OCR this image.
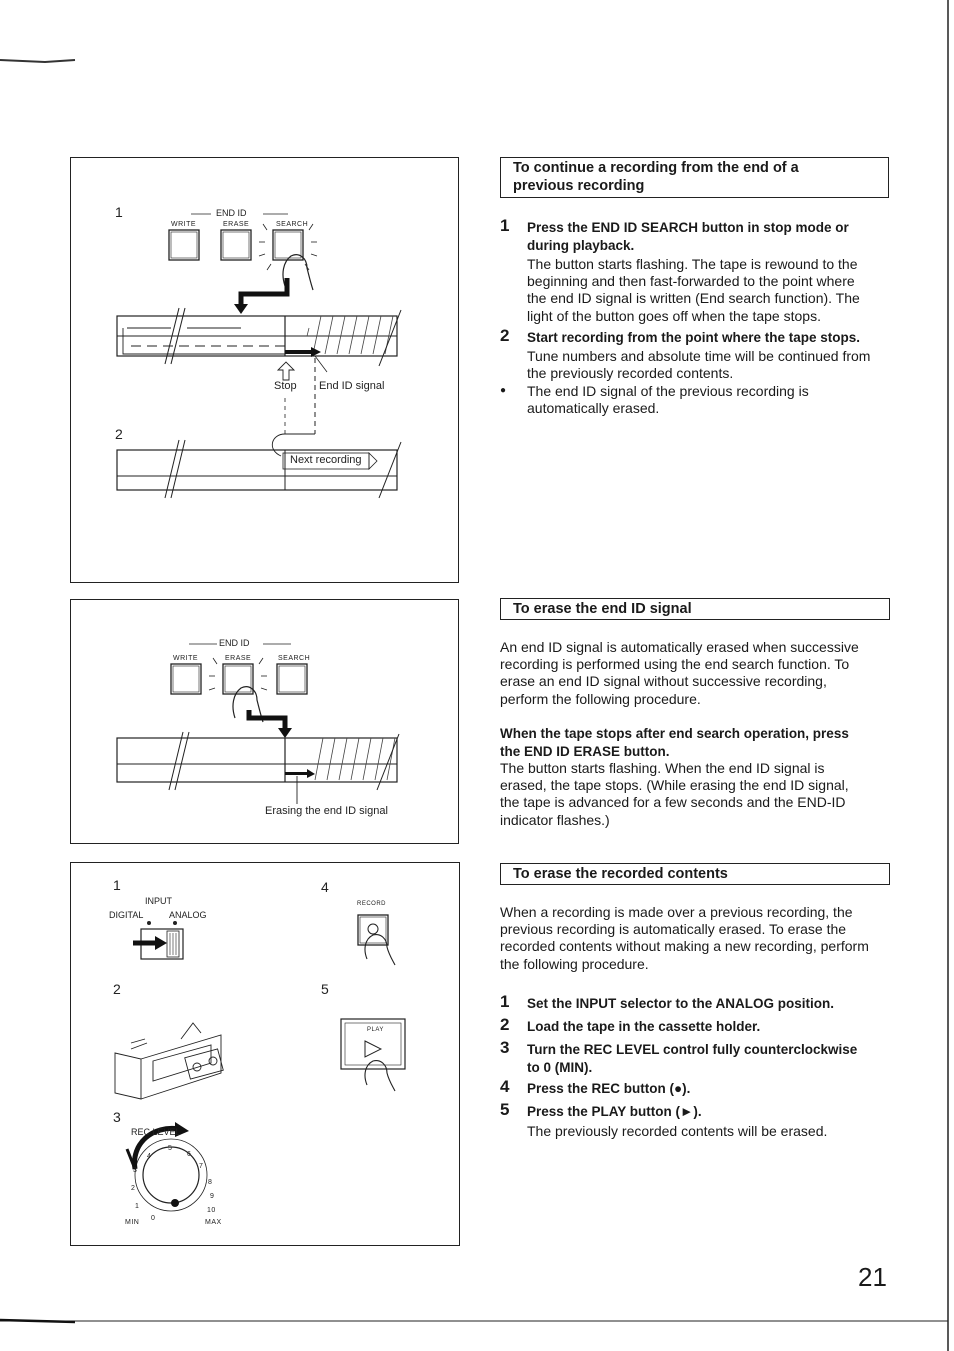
1	END ID
WRITE	ERASE	SEARCH
Stop End ID signal
2
Next recording
END ID
WRITE	ERASE	SEARCH
Erasing the end ID signal
1
INPUT
DIGITAL	ANALOG
2
3
REC LEVEL
0
1
2
3
4
5
6
7
8
9
10
MIN	MAX
4
RECORD
5
PLAY
To continue a recording from the end of a
previous recording
1 Press the END ID SEARCH button in stop mode or
during playback.
The button starts flashing. The tape is rewound to the
beginning and then fast-forwarded to the point where
the end ID signal is written (End search function). The
light of the button goes off when the tape stops.
2 Start recording from the point where the tape stops.
Tune numbers and absolute time will be continued from
the previously recorded contents.
● The end ID signal of the previous recording is
automatically erased.
To erase the end ID signal
An end ID signal is automatically erased when successive
recording is performed using the end search function. To
erase an end ID signal without successive recording,
perform the following procedure.
When the tape stops after end search operation, press
the END ID ERASE button.
The button starts flashing. When the end ID signal is
erased, the tape stops. (While erasing the end ID signal,
the tape is advanced for a few seconds and the END-ID
indicator flashes.)
To erase the recorded contents
When a recording is made over a previous recording, the
previous recording is automatically erased. To erase the
recorded contents without making a new recording, perform
the following procedure.
1 Set the INPUT selector to the ANALOG position.
2 Load the tape in the cassette holder.
3 Turn the REC LEVEL control fully counterclockwise
to 0 (MIN).
4 Press the REC button (●).
5 Press the PLAY button (►).
The previously recorded contents will be erased.
21
